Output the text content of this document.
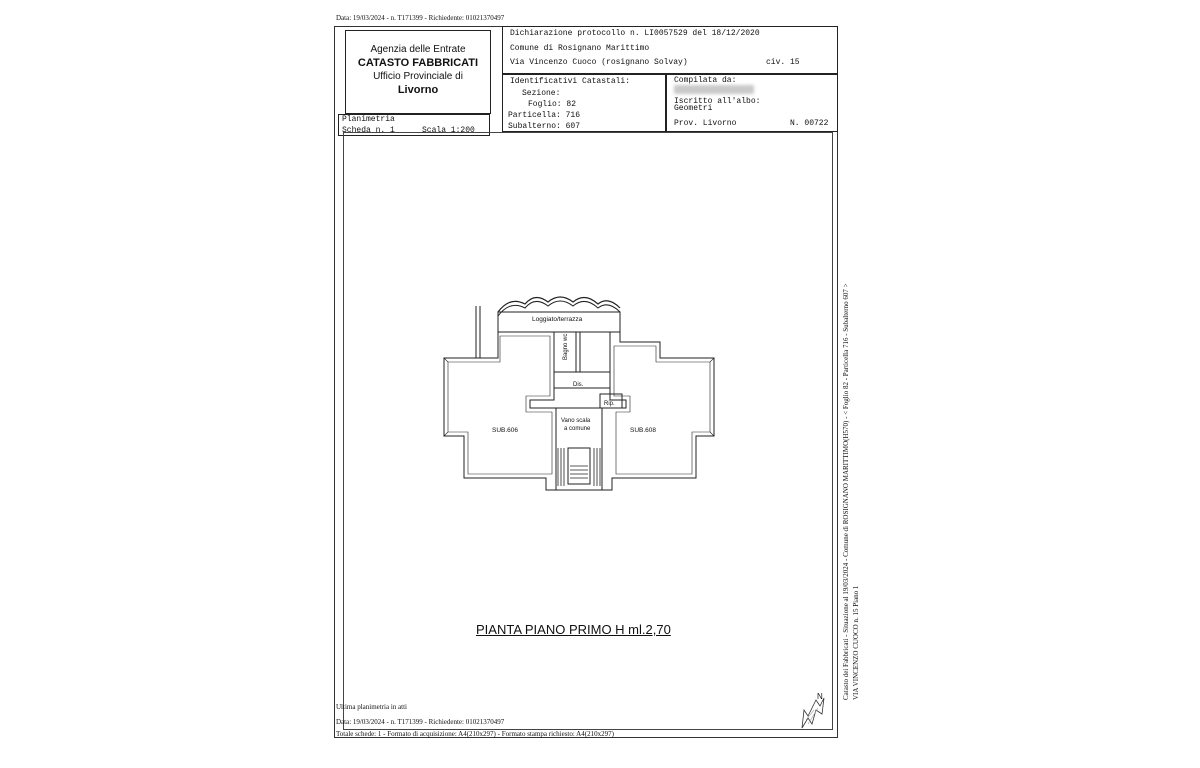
Data: 19/03/2024 - n. T171399 - Richiedente: 01021370497
Agenzia delle Entrate
CATASTO FABBRICATI
Ufficio Provinciale di
Livorno
Dichiarazione protocollo n. LI0057529 del 18/12/2020
Comune di Rosignano Marittimo
Via Vincenzo Cuoco (rosignano Solvay)	civ. 15
Identificativi Catastali:
Sezione:
Foglio: 82
Particella: 716
Subalterno: 607
Compilata da:
Iscritto all'albo:
Geometri
Prov. Livorno	N. 00722
Planimetria
Scheda n. 1	Scala 1:200
Loggiato/terrazza
Bagno wc
Dis.
Rip.
Vano scala
a comune
SUB.606	SUB.608
PIANTA PIANO PRIMO H ml.2,70	Catasto dei Fabbricati - Situazione al 19/03/2024 - Comune di ROSIGNANO MARITTIMO(H570) - < Foglio 82 - Particella 716 - Subalterno 607 > VIA VINCENZO CUOCO n. 15 Piano 1
N
Ultima planimetria in atti
Data: 19/03/2024 - n. T171399 - Richiedente: 01021370497
Totale schede: 1 - Formato di acquisizione: A4(210x297) - Formato stampa richiesto: A4(210x297)
